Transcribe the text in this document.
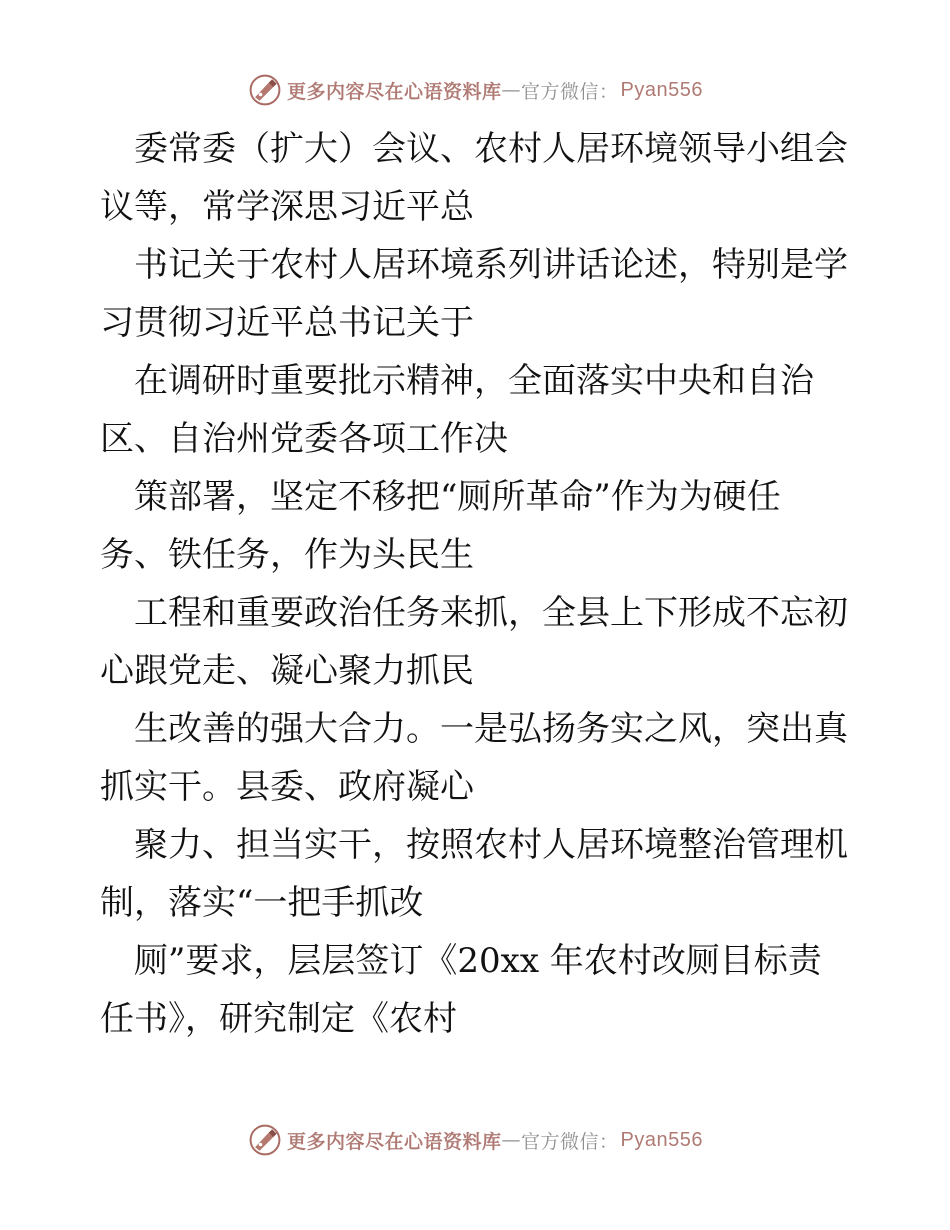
更多内容尽在心语资料库 — 官方微信： Pyan556
委常委（扩大）会议、农村人居环境领导小组会
议等，常学深思习近平总
书记关于农村人居环境系列讲话论述，特别是学
习贯彻习近平总书记关于
在调研时重要批示精神，全面落实中央和自治
区、自治州党委各项工作决
策部署，坚定不移把“厕所革命”作为为硬任
务、铁任务，作为头民生
工程和重要政治任务来抓，全县上下形成不忘初
心跟党走、凝心聚力抓民
生改善的强大合力。一是弘扬务实之风，突出真
抓实干。县委、政府凝心
聚力、担当实干，按照农村人居环境整治管理机
制，落实“一把手抓改
厕”要求，层层签订《20xx 年农村改厕目标责
任书》，研究制定《农村
更多内容尽在心语资料库 — 官方微信： Pyan556
